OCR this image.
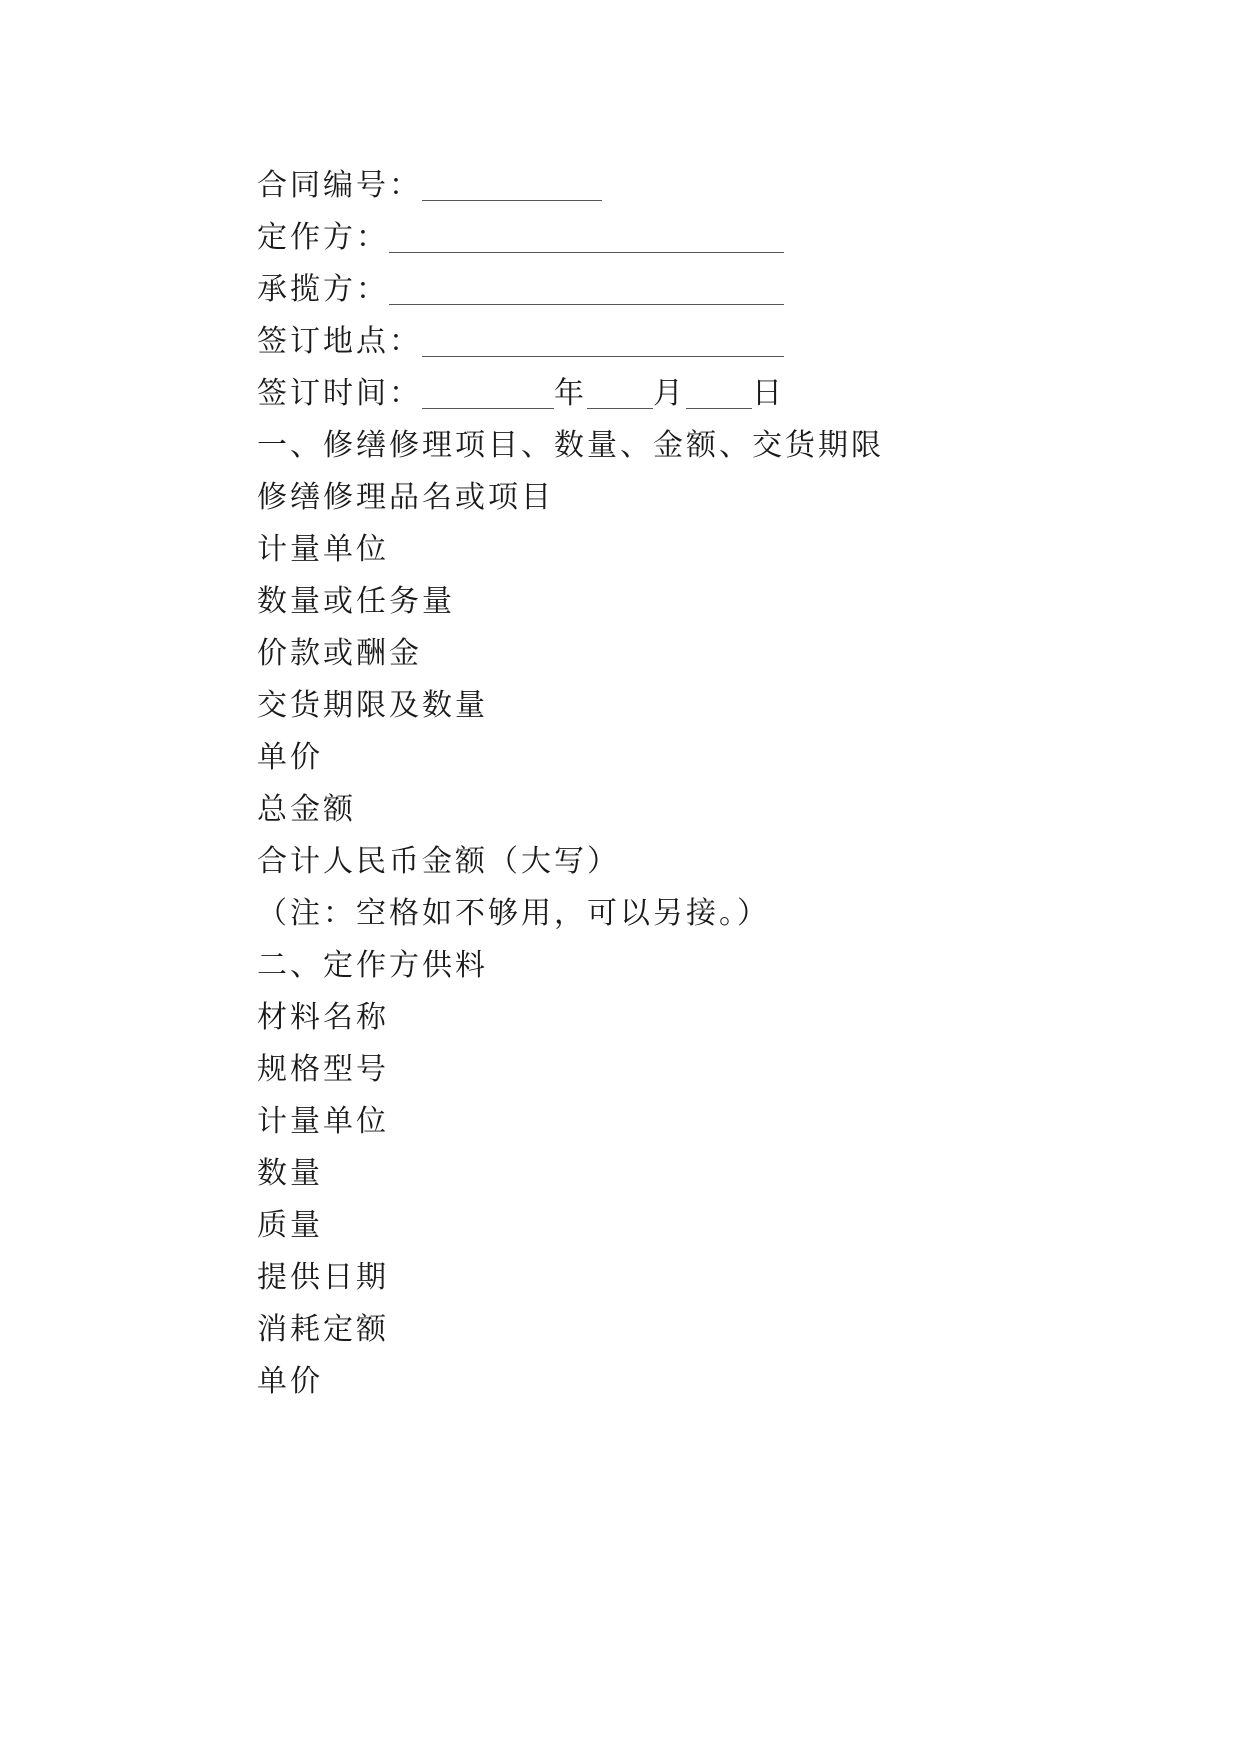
合同编号：
定作方：
承揽方：
签订地点：
签订时间：	年 月 日
一、修缮修理项目、数量、金额、交货期限
修缮修理品名或项目
计量单位
数量或任务量
价款或酬金
交货期限及数量
单价
总金额
合计人民币金额（大写）
（注：空格如不够用，可以另接。）
二、定作方供料
材料名称
规格型号
计量单位
数量
质量
提供日期
消耗定额
单价
